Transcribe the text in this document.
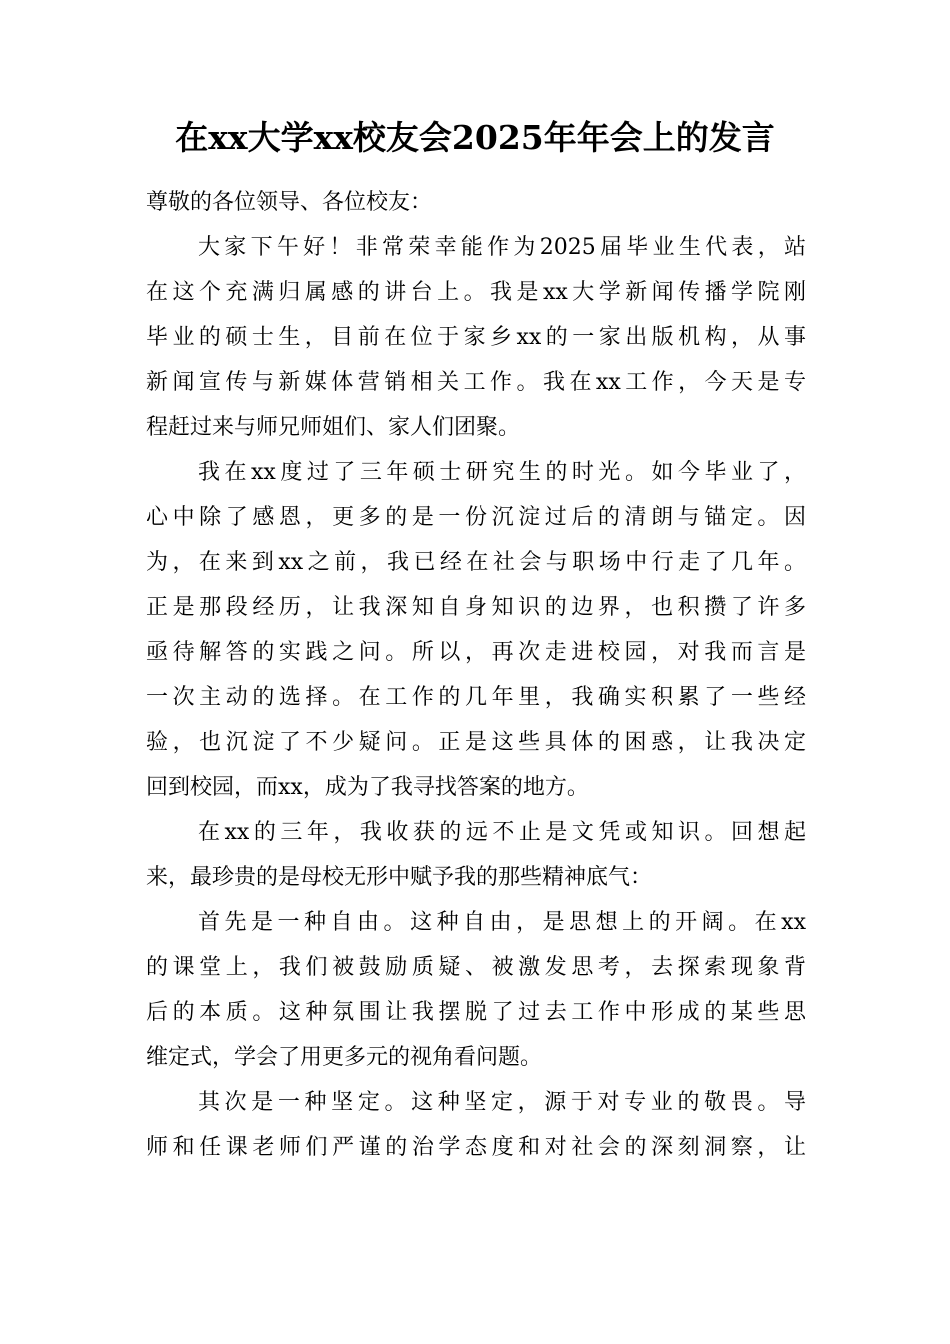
在xx大学xx校友会2025年年会上的发言
尊敬的各位领导、各位校友：
大家下午好！非常荣幸能作为2025届毕业生代表，站
在这个充满归属感的讲台上。我是xx大学新闻传播学院刚
毕业的硕士生，目前在位于家乡xx的一家出版机构，从事
新闻宣传与新媒体营销相关工作。我在xx工作，今天是专
程赶过来与师兄师姐们、家人们团聚。
我在xx度过了三年硕士研究生的时光。如今毕业了，
心中除了感恩，更多的是一份沉淀过后的清朗与锚定。因
为，在来到xx之前，我已经在社会与职场中行走了几年。
正是那段经历，让我深知自身知识的边界，也积攒了许多
亟待解答的实践之问。所以，再次走进校园，对我而言是
一次主动的选择。在工作的几年里，我确实积累了一些经
验，也沉淀了不少疑问。正是这些具体的困惑，让我决定
回到校园，而xx，成为了我寻找答案的地方。
在xx的三年，我收获的远不止是文凭或知识。回想起
来，最珍贵的是母校无形中赋予我的那些精神底气：
首先是一种自由。这种自由，是思想上的开阔。在xx
的课堂上，我们被鼓励质疑、被激发思考，去探索现象背
后的本质。这种氛围让我摆脱了过去工作中形成的某些思
维定式，学会了用更多元的视角看问题。
其次是一种坚定。这种坚定，源于对专业的敬畏。导
师和任课老师们严谨的治学态度和对社会的深刻洞察，让
